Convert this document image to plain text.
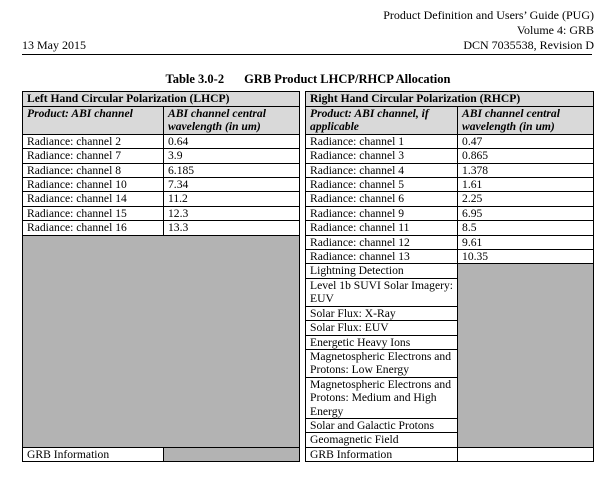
Product Definition and Users’ Guide (PUG)
Volume 4: GRB
13 May 2015	DCN 7035538, Revision D
Table 3.0-2 GRB Product LHCP/RHCP Allocation
Left Hand Circular Polarization (LHCP)			Right Hand Circular Polarization (RHCP)	
Product: ABI channel	ABI channel central wavelength (in um)		Product: ABI channel, if applicable	ABI channel central wavelength (in um)
Radiance: channel 2	0.64		Radiance: channel 1	0.47
Radiance: channel 7	3.9		Radiance: channel 3	0.865
Radiance: channel 8	6.185		Radiance: channel 4	1.378
Radiance: channel 10	7.34		Radiance: channel 5	1.61
Radiance: channel 14	11.2		Radiance: channel 6	2.25
Radiance: channel 15	12.3		Radiance: channel 9	6.95
Radiance: channel 16	13.3		Radiance: channel 11	8.5
			Radiance: channel 12	9.61
			Radiance: channel 13	10.35
			Lightning Detection	
			Level 1b SUVI Solar Imagery: EUV	
			Solar Flux: X-Ray	
			Solar Flux: EUV	
			Energetic Heavy Ions	
			Magnetospheric Electrons and Protons: Low Energy	
			Magnetospheric Electrons and Protons: Medium and High Energy	
			Solar and Galactic Protons	
			Geomagnetic Field	
GRB Information			GRB Information	
